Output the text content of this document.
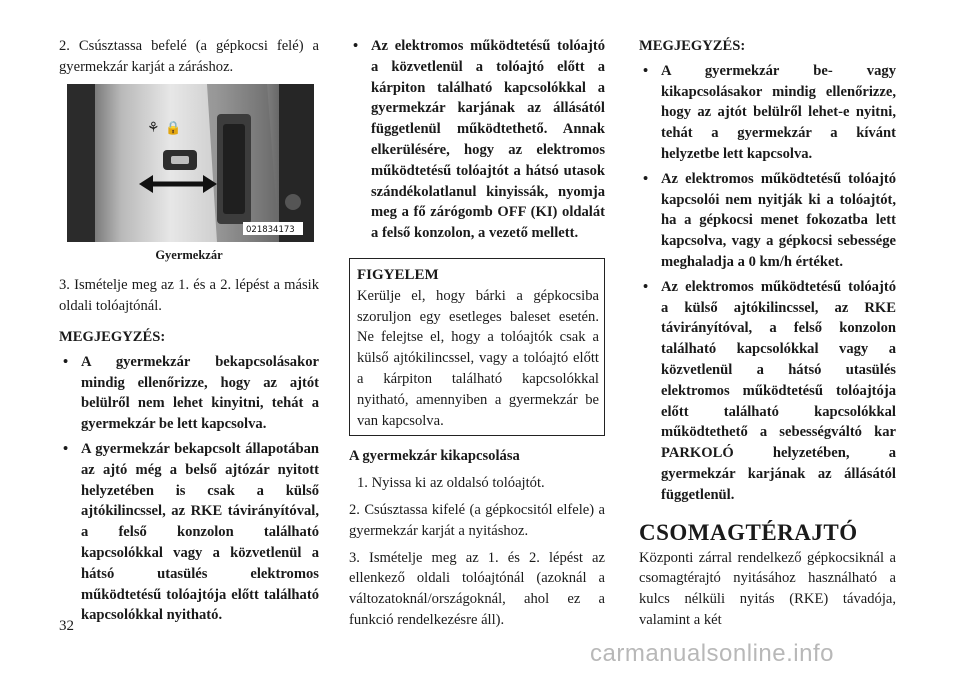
2. Csúsztassa befelé (a gépkocsi felé) a gyermekzár karját a záráshoz.

⚘ 🔒
021834173
Gyermekzár

3. Ismételje meg az 1. és a 2. lépést a másik oldali tolóajtónál.

MEGJEGYZÉS:
• A gyermekzár bekapcsolásakor mindig ellenőrizze, hogy az ajtót belülről nem lehet kinyitni, tehát a gyermekzár be lett kapcsolva.
• A gyermekzár bekapcsolt állapotában az ajtó még a belső ajtózár nyitott helyzetében is csak a külső ajtókilincssel, az RKE távirányítóval, a felső konzolon található kapcsolókkal vagy a közvetlenül a hátsó utasülés elektromos működtetésű tolóajtója előtt található kapcsolókkal nyitható.
• Az elektromos működtetésű tolóajtó a közvetlenül a tolóajtó előtt a kárpiton található kapcsolókkal a gyermekzár karjának az állásától függetlenül működtethető. Annak elkerülésére, hogy az elektromos működtetésű tolóajtót a hátsó utasok szándékolatlanul kinyissák, nyomja meg a fő zárógomb OFF (KI) oldalát a felső konzolon, a vezető mellett.
FIGYELEM

Kerülje el, hogy bárki a gépkocsiba szoruljon egy esetleges baleset esetén. Ne felejtse el, hogy a tolóajtók csak a külső ajtókilincssel, vagy a tolóajtó előtt a kárpiton található kapcsolókkal nyitható, amennyiben a gyermekzár be van kapcsolva.

A gyermekzár kikapcsolása

1. Nyissa ki az oldalsó tolóajtót.

2. Csúsztassa kifelé (a gépkocsitól elfele) a gyermekzár karját a nyitáshoz.

3. Ismételje meg az 1. és 2. lépést az ellenkező oldali tolóajtónál (azoknál a változatoknál/országoknál, ahol ez a funkció rendelkezésre áll).

MEGJEGYZÉS:
• A gyermekzár be- vagy kikapcsolásakor mindig ellenőrizze, hogy az ajtót belülről lehet-e nyitni, tehát a gyermekzár a kívánt helyzetbe lett kapcsolva.
• Az elektromos működtetésű tolóajtó kapcsolói nem nyitják ki a tolóajtót, ha a gépkocsi menet fokozatba lett kapcsolva, vagy a gépkocsi sebessége meghaladja a 0 km/h értéket.
• Az elektromos működtetésű tolóajtó a külső ajtókilincssel, az RKE távirányítóval, a felső konzolon található kapcsolókkal vagy a közvetlenül a hátsó utasülés elektromos működtetésű tolóajtója előtt található kapcsolókkal működtethető a sebességváltó kar PARKOLÓ helyzetében, a gyermekzár karjának az állásától függetlenül.
CSOMAGTÉRAJTÓ

Központi zárral rendelkező gépkocsiknál a csomagtérajtó nyitásához használható a kulcs nélküli nyitás (RKE) távadója, valamint a két

32
carmanualsonline.info
